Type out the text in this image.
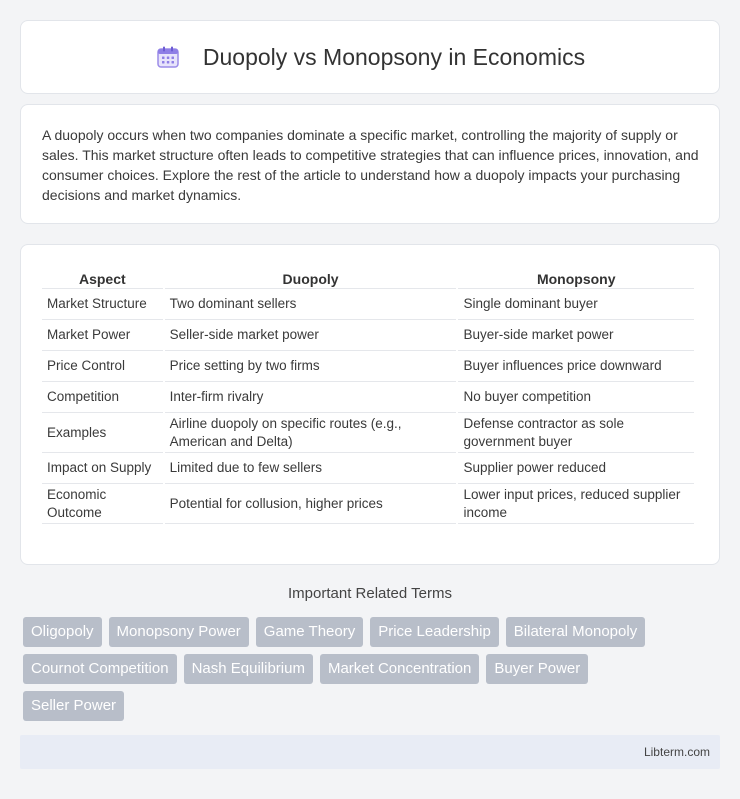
Duopoly vs Monopsony in Economics

A duopoly occurs when two companies dominate a specific market, controlling the majority of supply or sales. This market structure often leads to competitive strategies that can influence prices, innovation, and consumer choices. Explore the rest of the article to understand how a duopoly impacts your purchasing decisions and market dynamics.

Aspect	Duopoly	Monopsony
Market Structure	Two dominant sellers	Single dominant buyer
Market Power	Seller-side market power	Buyer-side market power
Price Control	Price setting by two firms	Buyer influences price downward
Competition	Inter-firm rivalry	No buyer competition
Examples	Airline duopoly on specific routes (e.g., American and Delta)	Defense contractor as sole government buyer
Impact on Supply	Limited due to few sellers	Supplier power reduced
Economic Outcome	Potential for collusion, higher prices	Lower input prices, reduced supplier income
Important Related Terms
Oligopoly	Monopsony Power	Game Theory	Price Leadership	Bilateral Monopoly
Cournot Competition	Nash Equilibrium	Market Concentration	Buyer Power
Seller Power
Libterm.com
